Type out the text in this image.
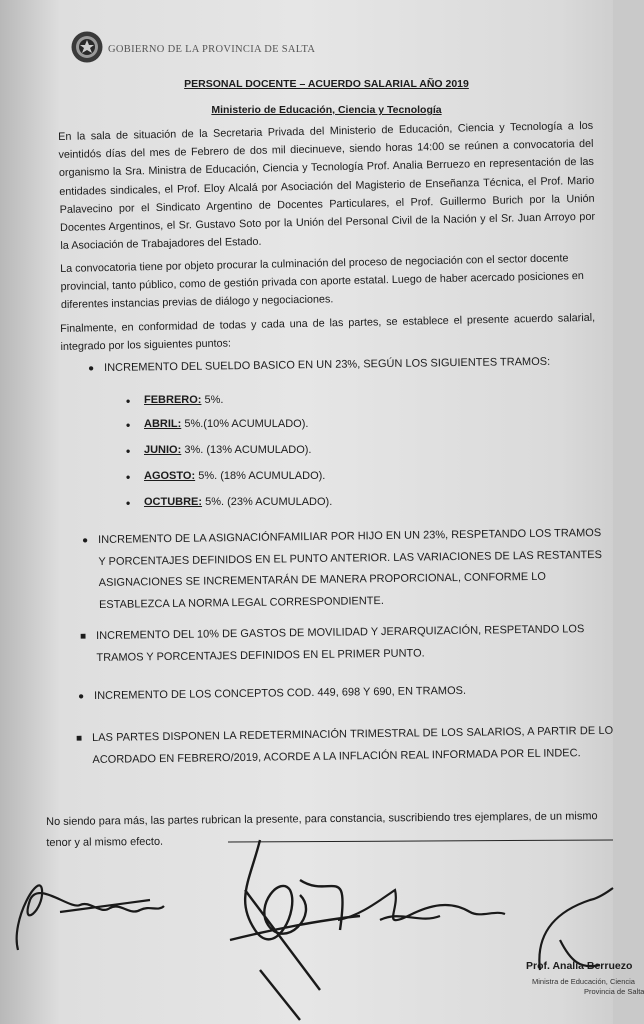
GOBIERNO DE LA PROVINCIA DE SALTA
PERSONAL DOCENTE – ACUERDO SALARIAL AÑO 2019
Ministerio de Educación, Ciencia y Tecnología
En la sala de situación de la Secretaria Privada del Ministerio de Educación, Ciencia y Tecnología a los veintidós días del mes de Febrero de dos mil diecinueve, siendo horas 14:00 se reúnen a convocatoria del organismo la Sra. Ministra de Educación, Ciencia y Tecnología Prof. Analia Berruezo en representación de las entidades sindicales, el Prof. Eloy Alcalá por Asociación del Magisterio de Enseñanza Técnica, el Prof. Mario Palavecino por el Sindicato Argentino de Docentes Particulares, el Prof. Guillermo Burich por la Unión Docentes Argentinos, el Sr. Gustavo Soto por la Unión del Personal Civil de la Nación y el Sr. Juan Arroyo por la Asociación de Trabajadores del Estado.
La convocatoria tiene por objeto procurar la culminación del proceso de negociación con el sector docente provincial, tanto público, como de gestión privada con aporte estatal. Luego de haber acercado posiciones en diferentes instancias previas de diálogo y negociaciones.
Finalmente, en conformidad de todas y cada una de las partes, se establece el presente acuerdo salarial, integrado por los siguientes puntos:
● INCREMENTO DEL SUELDO BASICO EN UN 23%, SEGÚN LOS SIGUIENTES TRAMOS:
• FEBRERO: 5%.
• ABRIL: 5%.(10% ACUMULADO).
• JUNIO: 3%. (13% ACUMULADO).
• AGOSTO: 5%. (18% ACUMULADO).
• OCTUBRE: 5%. (23% ACUMULADO).
● INCREMENTO DE LA ASIGNACIÓNFAMILIAR POR HIJO EN UN 23%, RESPETANDO LOS TRAMOS Y PORCENTAJES DEFINIDOS EN EL PUNTO ANTERIOR. LAS VARIACIONES DE LAS RESTANTES ASIGNACIONES SE INCREMENTARÁN DE MANERA PROPORCIONAL, CONFORME LO ESTABLEZCA LA NORMA LEGAL CORRESPONDIENTE.
■ INCREMENTO DEL 10% DE GASTOS DE MOVILIDAD Y JERARQUIZACIÓN, RESPETANDO LOS TRAMOS Y PORCENTAJES DEFINIDOS EN EL PRIMER PUNTO.
● INCREMENTO DE LOS CONCEPTOS COD. 449, 698 Y 690, EN TRAMOS.
■ LAS PARTES DISPONEN LA REDETERMINACIÓN TRIMESTRAL DE LOS SALARIOS, A PARTIR DE LO ACORDADO EN FEBRERO/2019, ACORDE A LA INFLACIÓN REAL INFORMADA POR EL INDEC.
No siendo para más, las partes rubrican la presente, para constancia, suscribiendo tres ejemplares, de un mismo tenor y al mismo efecto.
Prof. Analia Berruezo
Ministra de Educación, Ciencia
Provincia de Salta
